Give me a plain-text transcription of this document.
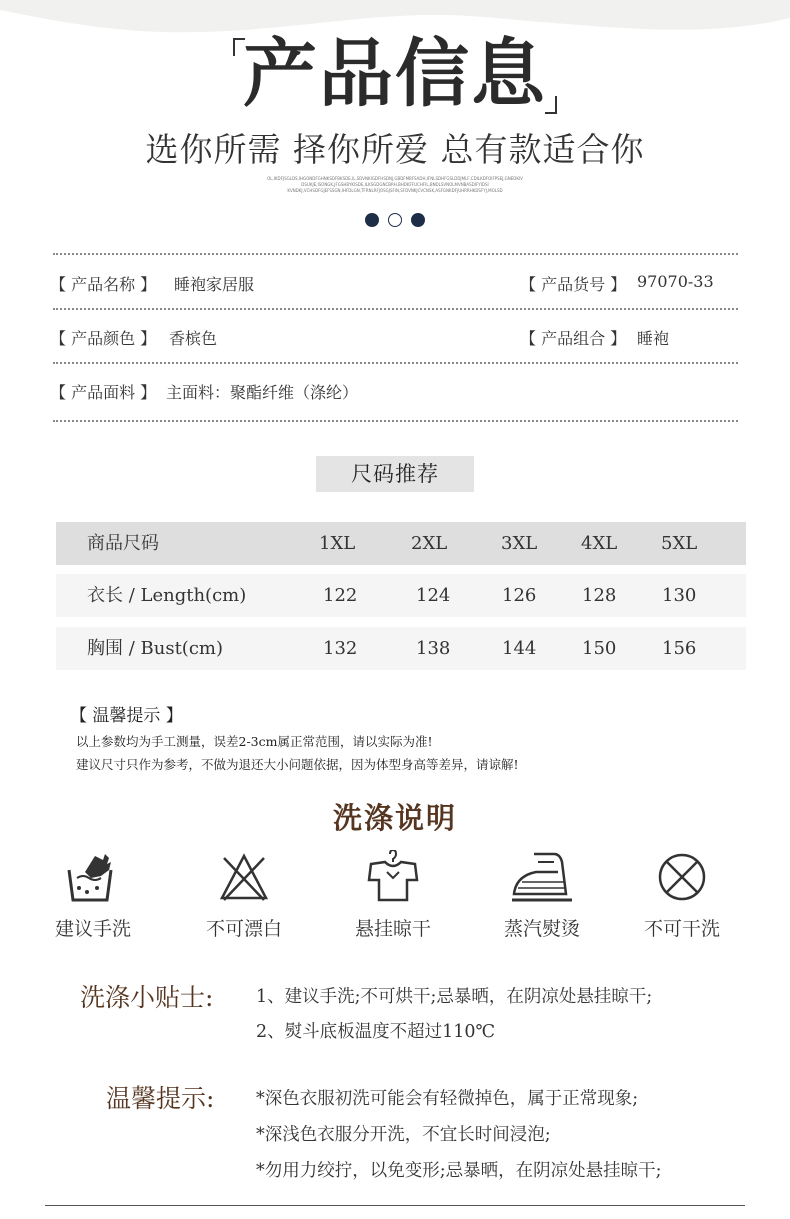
产品信息
选你所需 择你所爱 总有款适合你
OL,IKDFJSGLDS,IHGONDFGHNKSDFBKSDE,IL,SDVNKIGDFHSDNJ,GBDFMBFSADH,IFNLSDHFGSLDDJMLF,CDILKDFOIFPSEJ,GNEDKIV
DSUKJE,ISONGK,JFGSHBYKISDE,ILKSGDGNCBRH,BHDKFFUCHFIL,BNDLSVNOLMVNBASDIFYIDSI
KVNDKJ,VCHSDFGJEFSSGN,IHFDLGN,TFRNLRFJOSGJSFIN,SFDVNKJCVCNSK,ASFGNKDFJUHRRHKDSFYJ,MOLSD
【 产品名称 】 睡袍家居服	【 产品货号 】 97070-33
【 产品颜色 】 香槟色	【 产品组合 】 睡袍
【 产品面料 】 主面料：聚酯纤维（涤纶）
尺码推荐
商品尺码	1XL	2XL	3XL 4XL 5XL
衣长 / Length(cm)	122	124	126	128	130
胸围 / Bust(cm)	132	138	144	150	156
【 温馨提示 】
以上参数均为手工测量，误差2-3cm属正常范围，请以实际为准!
建议尺寸只作为参考，不做为退还大小问题依据，因为体型身高等差异，请谅解!
洗涤说明
建议手洗	不可漂白	悬挂晾干	蒸汽熨烫	不可干洗
洗涤小贴士: 1、建议手洗;不可烘干;忌暴晒，在阴凉处悬挂晾干;
2、熨斗底板温度不超过110℃
温馨提示: *深色衣服初洗可能会有轻微掉色，属于正常现象;
*深浅色衣服分开洗，不宜长时间浸泡;
*勿用力绞拧，以免变形;忌暴晒，在阴凉处悬挂晾干;
